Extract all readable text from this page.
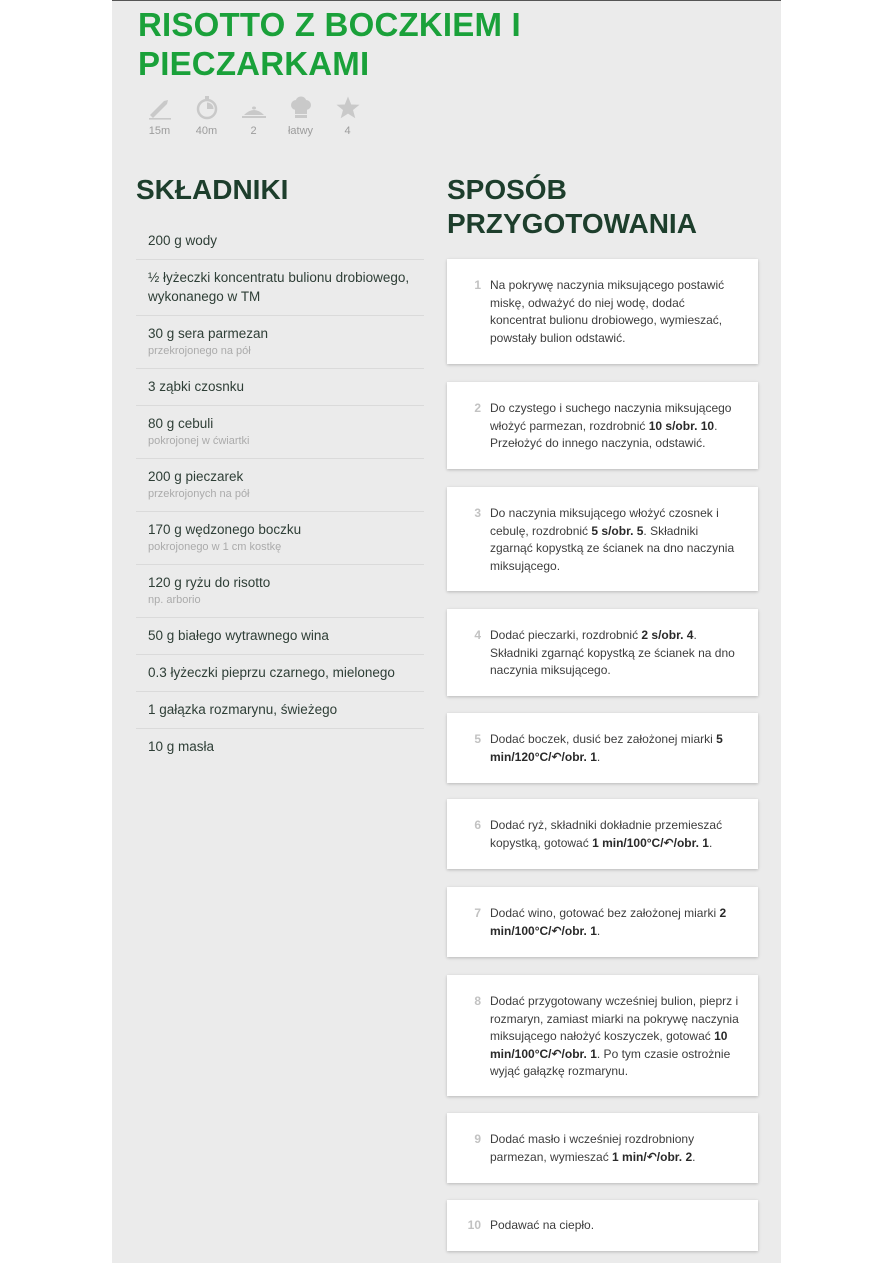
RISOTTO Z BOCZKIEM I PIECZARKAMI
15m 40m	2	łatwy	4
SKŁADNIKI	SPOSÓB PRZYGOTOWANIA
200 g wody
½ łyżeczki koncentratu bulionu drobiowego, wykonanego w TM
30 g sera parmezan
przekrojonego na pół
3 ząbki czosnku
80 g cebuli
pokrojonej w ćwiartki
200 g pieczarek
przekrojonych na pół
170 g wędzonego boczku
pokrojonego w 1 cm kostkę
120 g ryżu do risotto
np. arborio
50 g białego wytrawnego wina
0.3 łyżeczki pieprzu czarnego, mielonego
1 gałązka rozmarynu, świeżego
10 g masła
1 Na pokrywę naczynia miksującego postawić miskę, odważyć do niej wodę, dodać koncentrat bulionu drobiowego, wymieszać, powstały bulion odstawić.
2 Do czystego i suchego naczynia miksującego włożyć parmezan, rozdrobnić 10 s/obr. 10. Przełożyć do innego naczynia, odstawić.
3 Do naczynia miksującego włożyć czosnek i cebulę, rozdrobnić 5 s/obr. 5. Składniki zgarnąć kopystką ze ścianek na dno naczynia miksującego.
4 Dodać pieczarki, rozdrobnić 2 s/obr. 4. Składniki zgarnąć kopystką ze ścianek na dno naczynia miksującego.
5 Dodać boczek, dusić bez założonej miarki 5 min/120°C/↶/obr. 1.
6 Dodać ryż, składniki dokładnie przemieszać kopystką, gotować 1 min/100°C/↶/obr. 1.
7 Dodać wino, gotować bez założonej miarki 2 min/100°C/↶/obr. 1.
8 Dodać przygotowany wcześniej bulion, pieprz i rozmaryn, zamiast miarki na pokrywę naczynia miksującego nałożyć koszyczek, gotować 10 min/100°C/↶/obr. 1. Po tym czasie ostrożnie wyjąć gałązkę rozmarynu.
9 Dodać masło i wcześniej rozdrobniony parmezan, wymieszać 1 min/↶/obr. 2.
10 Podawać na ciepło.
